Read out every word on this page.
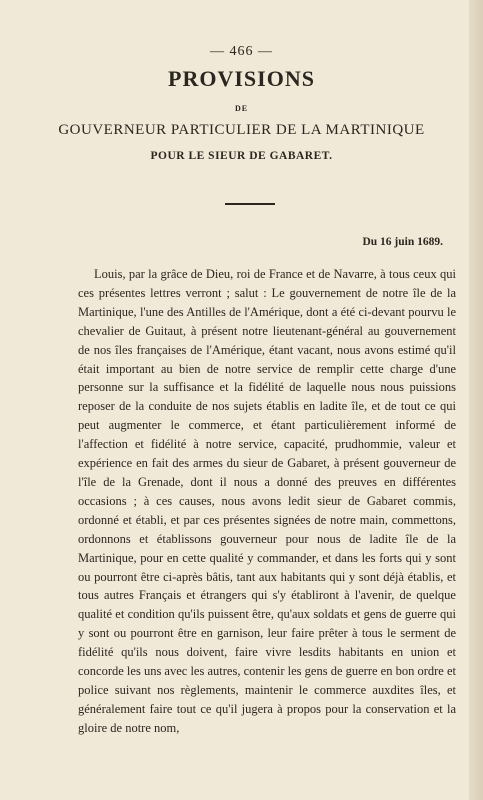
— 466 —
PROVISIONS
DE
GOUVERNEUR PARTICULIER DE LA MARTINIQUE
POUR LE SIEUR DE GABARET.
Du 16 juin 1689.

Louis, par la grâce de Dieu, roi de France et de Navarre, à tous ceux qui ces présentes lettres verront ; salut : Le gouvernement de notre île de la Martinique, l'une des Antilles de l'Amérique, dont a été ci-devant pourvu le chevalier de Guitaut, à présent notre lieutenant-général au gouvernement de nos îles françaises de l'Amérique, étant vacant, nous avons estimé qu'il était important au bien de notre service de remplir cette charge d'une personne sur la suffisance et la fidélité de laquelle nous nous puissions reposer de la conduite de nos sujets établis en ladite île, et de tout ce qui peut augmenter le commerce, et étant particulièrement informé de l'affection et fidélité à notre service, capacité, prudhommie, valeur et expérience en fait des armes du sieur de Gabaret, à présent gouverneur de l'île de la Grenade, dont il nous a donné des preuves en différentes occasions ; à ces causes, nous avons ledit sieur de Gabaret commis, ordonné et établi, et par ces présentes signées de notre main, commettons, ordonnons et établissons gouverneur pour nous de ladite île de la Martinique, pour en cette qualité y commander, et dans les forts qui y sont ou pourront être ci-après bâtis, tant aux habitants qui y sont déjà établis, et tous autres Français et étrangers qui s'y établiront à l'avenir, de quelque qualité et condition qu'ils puissent être, qu'aux soldats et gens de guerre qui y sont ou pourront être en garnison, leur faire prêter à tous le serment de fidélité qu'ils nous doivent, faire vivre lesdits habitants en union et concorde les uns avec les autres, contenir les gens de guerre en bon ordre et police suivant nos règlements, maintenir le commerce auxdites îles, et généralement faire tout ce qu'il jugera à propos pour la conservation et la gloire de notre nom,
